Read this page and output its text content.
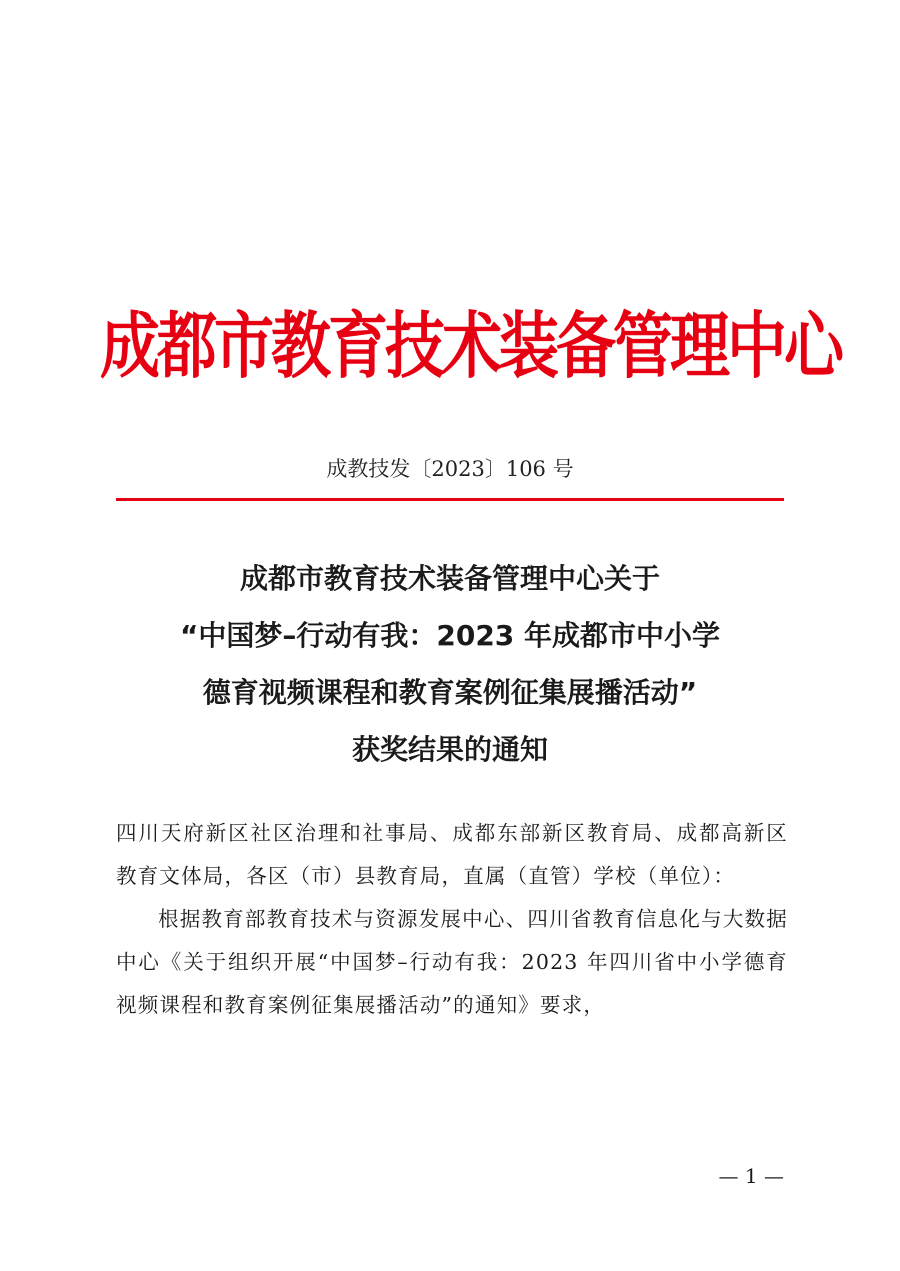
成都市教育技术装备管理中心
成教技发〔2023〕106 号
成都市教育技术装备管理中心关于
“中国梦–行动有我：2023 年成都市中小学
德育视频课程和教育案例征集展播活动”
获奖结果的通知

四川天府新区社区治理和社事局、成都东部新区教育局、成都高新区教育文体局，各区（市）县教育局，直属（直管）学校（单位）：

根据教育部教育技术与资源发展中心、四川省教育信息化与大数据中心《关于组织开展“中国梦–行动有我：2023 年四川省中小学德育视频课程和教育案例征集展播活动”的通知》要求，

— 1 —
